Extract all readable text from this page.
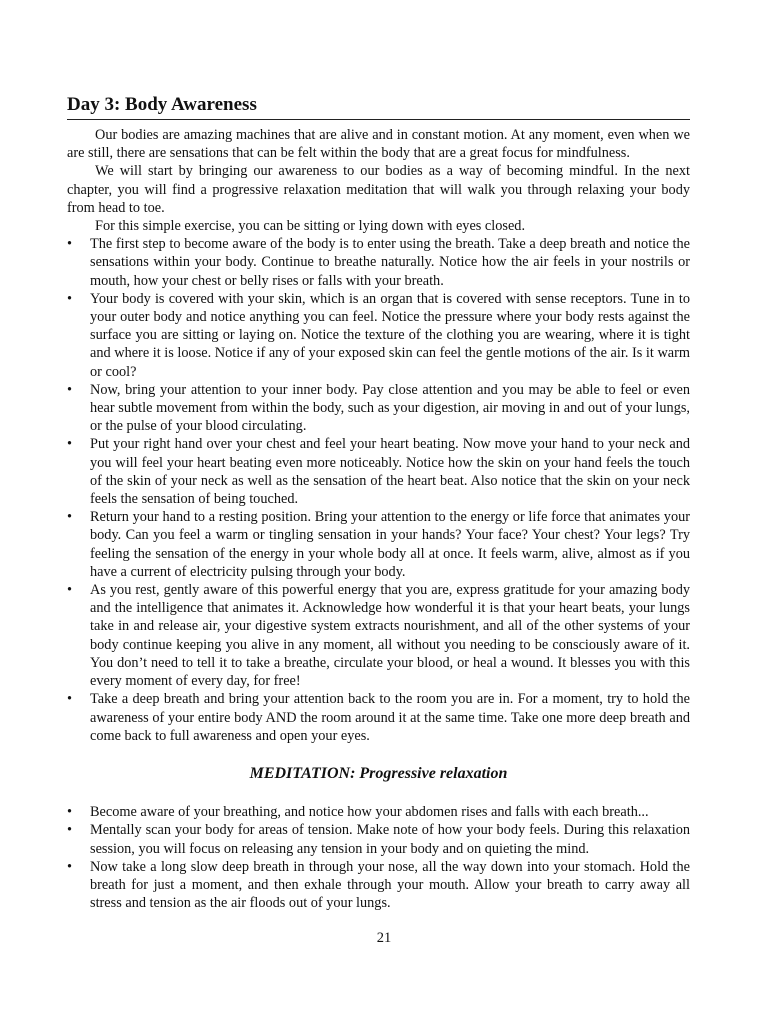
Day 3: Body Awareness

Our bodies are amazing machines that are alive and in constant motion. At any moment, even when we are still, there are sensations that can be felt within the body that are a great focus for mindfulness.

We will start by bringing our awareness to our bodies as a way of becoming mindful. In the next chapter, you will find a progressive relaxation meditation that will walk you through relaxing your body from head to toe.

For this simple exercise, you can be sitting or lying down with eyes closed.

•	The first step to become aware of the body is to enter using the breath. Take a deep breath and notice the sensations within your body. Continue to breathe naturally. Notice how the air feels in your nostrils or mouth, how your chest or belly rises or falls with your breath.
•	Your body is covered with your skin, which is an organ that is covered with sense receptors. Tune in to your outer body and notice anything you can feel. Notice the pressure where your body rests against the surface you are sitting or laying on. Notice the texture of the clothing you are wearing, where it is tight and where it is loose. Notice if any of your exposed skin can feel the gentle motions of the air. Is it warm or cool?
•	Now, bring your attention to your inner body. Pay close attention and you may be able to feel or even hear subtle movement from within the body, such as your digestion, air moving in and out of your lungs, or the pulse of your blood circulating.
•	Put your right hand over your chest and feel your heart beating. Now move your hand to your neck and you will feel your heart beating even more noticeably. Notice how the skin on your hand feels the touch of the skin of your neck as well as the sensation of the heart beat. Also notice that the skin on your neck feels the sensation of being touched.
•	Return your hand to a resting position. Bring your attention to the energy or life force that animates your body. Can you feel a warm or tingling sensation in your hands? Your face? Your chest? Your legs? Try feeling the sensation of the energy in your whole body all at once. It feels warm, alive, almost as if you have a current of electricity pulsing through your body.
•	As you rest, gently aware of this powerful energy that you are, express gratitude for your amazing body and the intelligence that animates it. Acknowledge how wonderful it is that your heart beats, your lungs take in and release air, your digestive system extracts nourishment, and all of the other systems of your body continue keeping you alive in any moment, all without you needing to be consciously aware of it. You don’t need to tell it to take a breathe, circulate your blood, or heal a wound. It blesses you with this every moment of every day, for free!
•	Take a deep breath and bring your attention back to the room you are in. For a moment, try to hold the awareness of your entire body AND the room around it at the same time. Take one more deep breath and come back to full awareness and open your eyes.
MEDITATION: Progressive relaxation
•	Become aware of your breathing, and notice how your abdomen rises and falls with each breath...
•	Mentally scan your body for areas of tension. Make note of how your body feels. During this relaxation session, you will focus on releasing any tension in your body and on quieting the mind.
•	Now take a long slow deep breath in through your nose, all the way down into your stomach. Hold the breath for just a moment, and then exhale through your mouth. Allow your breath to carry away all stress and tension as the air floods out of your lungs.
21
